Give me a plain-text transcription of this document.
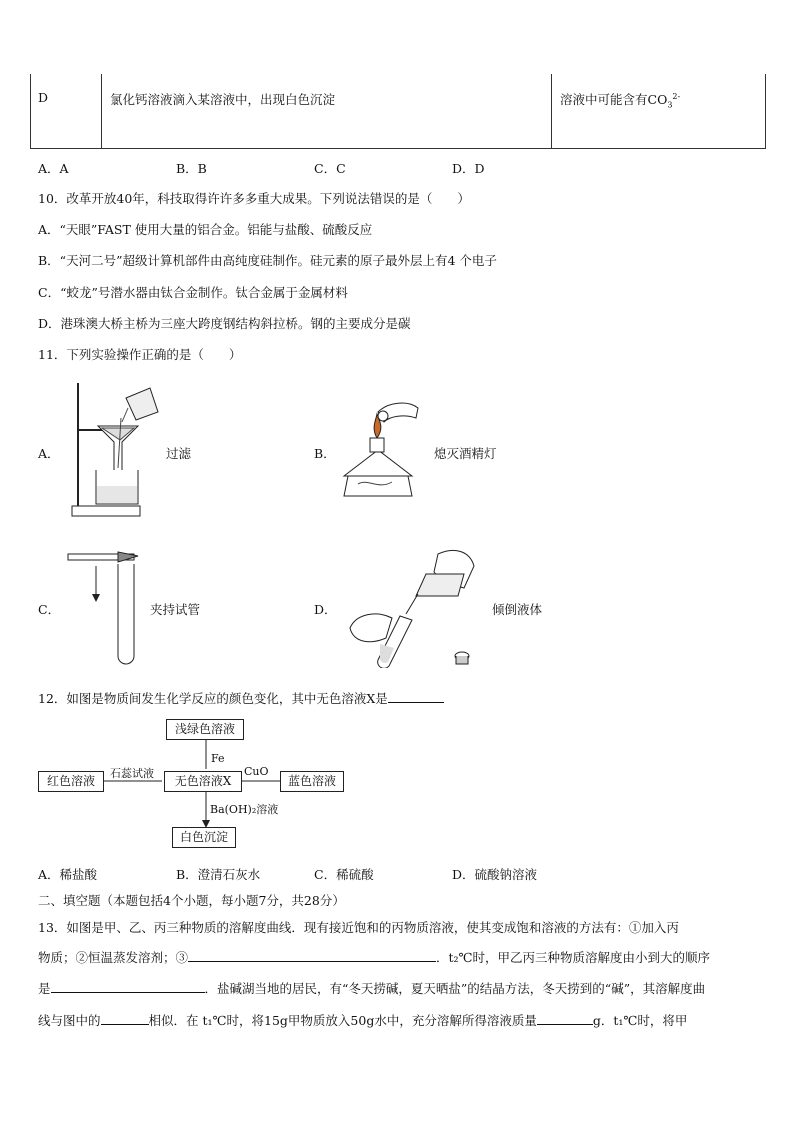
D	氯化钙溶液滴入某溶液中，出现白色沉淀	溶液中可能含有$CO_3^{2-}$
A．A	B．B	C．C	D．D
10．改革开放40年，科技取得许许多多重大成果。下列说法错误的是（　　）
A．“天眼”FAST 使用大量的铝合金。铝能与盐酸、硫酸反应
B．“天河二号”超级计算机部件由高纯度硅制作。硅元素的原子最外层上有4 个电子
C．“蛟龙”号潜水器由钛合金制作。钛合金属于金属材料
D．港珠澳大桥主桥为三座大跨度钢结构斜拉桥。钢的主要成分是碳
11．下列实验操作正确的是（　　）
A．	过滤	B．	熄灭酒精灯
C．	夹持试管	D．	倾倒液体
12．如图是物质间发生化学反应的颜色变化，其中无色溶液X是
浅绿色溶液
Fe
石蕊试液
红色溶液	无色溶液X
CuO
蓝色溶液
Ba(OH)₂溶液
白色沉淀
A．稀盐酸	B．澄清石灰水	C．稀硫酸	D．硫酸钠溶液
二、填空题（本题包括4个小题，每小题7分，共28分）
13．如图是甲、乙、丙三种物质的溶解度曲线．现有接近饱和的丙物质溶液，使其变成饱和溶液的方法有：①加入丙
物质；②恒温蒸发溶剂；③	．t₂℃时，甲乙丙三种物质溶解度由小到大的顺序
是	．盐碱湖当地的居民，有“冬天捞碱，夏天晒盐”的结晶方法，冬天捞到的“碱”，其溶解度曲
线与图中的	相似．在 t₁℃时，将15g甲物质放入50g水中，充分溶解所得溶液质量	g．t₁℃时，将甲
